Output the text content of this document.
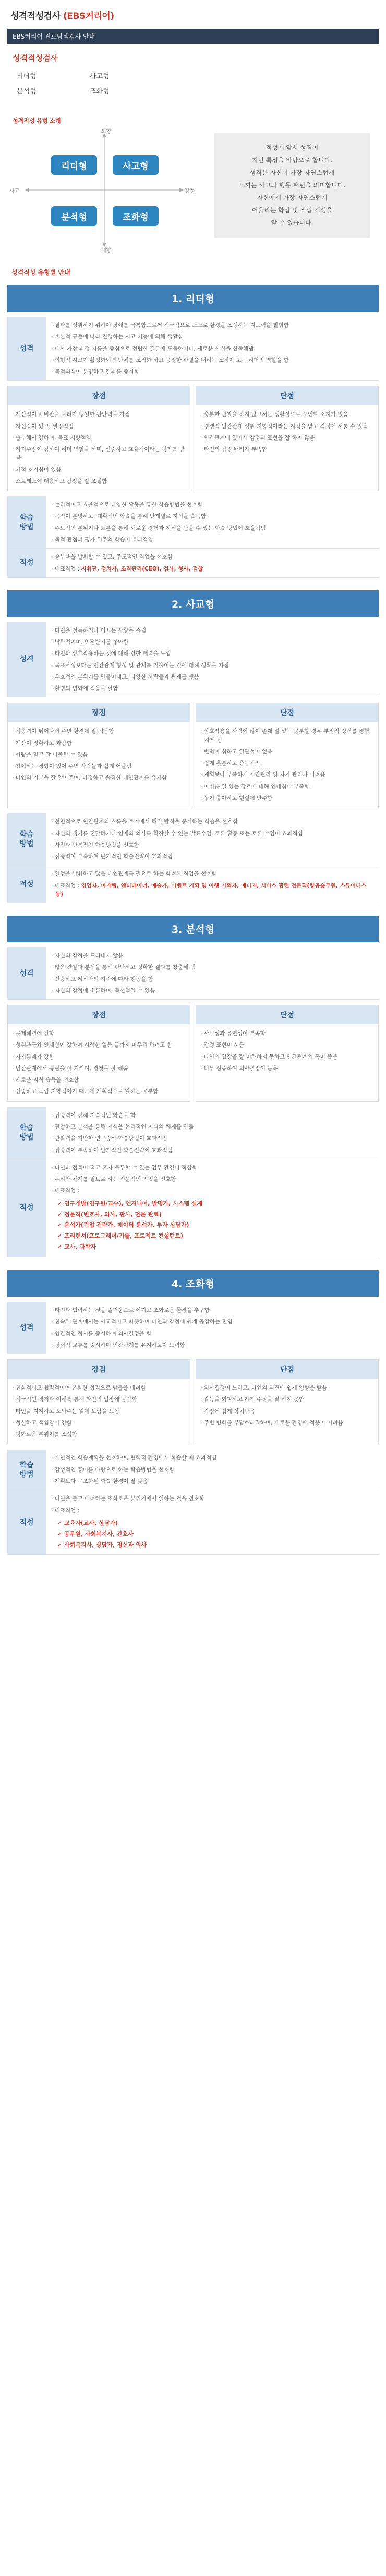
성격적성검사 (EBS커리어)
EBS커리어 진로탐색검사 안내
성격적성검사
리더형	사고형
분석형	조화형
성격적성 유형 소개
외향
내향
사고	감정
리더형	사고형
분석형	조화형
적성에 앞서 성격이
지닌 특성을 바탕으로 합니다.
성격은 자신이 가장 자연스럽게
느끼는 사고와 행동 패턴을 의미합니다.
자신에게 가장 자연스럽게
어울리는 학업 및 직업 적성을
알 수 있습니다.
성격적성 유형별 안내
1. 리더형
성격
· 결과를 성취하기 위하여 장애를 극복함으로써 적극적으로 스스로 환경을 조성하는 지도력을 발휘함
· 계산적 규준에 따라 진행하는 시고 기능에 의해 생활함
· 매사 가장 과정 지름을 중심으로 정립한 결론에 도출하거나, 새로운 사실을 산출해냄
· 의형적 시고가 활성화되면 단체를 조직화 하고 공정한 판결을 내리는 조정자 또는 리더의 역할을 함
· 목적의식이 분명하고 결과를 중시함
장점
· 계산적이고 비판을 물러가 냉철한 판단력을 가짐
· 자신감이 있고, 열정적임
· 솔부해서 강하며, 목표 지향적임
· 자기주장이 강하여 리더 역할을 하며, 신중하고 효율적이라는 평가를 받음
· 지적 호기심이 있음
· 스트레스에 대응하고 감정을 잘 조절함
단점
· 충분한 관찰을 하지 않고서는 생활상으로 오인할 소지가 있음
· 경쟁적 인간관계 성취 지향적이라는 지적을 받고 감정에 서툴 수 있음
· 인간관계에 있어서 감정의 표현을 잘 하지 않음
· 타인의 감정 배려가 부족함
학습
방법
· 논리적이고 효율적으로 다양한 활동을 통한 학습방법을 선호함
· 목적이 분명하고, 계획적인 학습을 통해 단계별로 지식을 습득함
· 주도적인 분위기나 토론을 통해 새로운 경험과 지식을 받을 수 있는 학습 방법이 효율적임
· 목적 관점과 평가 위주의 학습이 효과적임
적성
· 승부욕을 발휘할 수 있고, 주도적인 직업을 선호함
· 대표직업 : 지휘관, 정치가, 조직관리(CEO), 검사, 형사, 검찰
2. 사교형
성격
· 타인을 설득하거나 이끄는 상황을 즐김
· 낙관적이며, 인정받기를 좋아함
· 타인과 상호작용하는 것에 대해 강한 매력을 느낌
· 목표달성보다는 인간관계 형성 및 관계를 기울이는 것에 대해 생활을 가짐
· 우호적인 분위기를 만들어내고, 다양한 사람들과 관계를 맺음
· 환경의 변화에 적응을 잘함
장점
· 적응력이 뛰어나서 주변 환경에 잘 적응함
· 계산이 정확하고 과감함
· 사람을 믿고 잘 어울릴 수 있음
· 참여하는 경향이 있어 주변 사람들과 쉽게 어울림
· 타인의 기분을 잘 알아주며, 다정하고 솔직한 대인관계를 유지함
단점
· 상호작용을 사람이 많이 존재 일 있는 공부할 경우 부정적 정서를 경험하게 됨
· 변덕이 심하고 일관성이 없음
· 쉽게 흥분하고 충동적임
· 계획보다 부족하게 시간관리 및 자기 관리가 어려움
· 아쉬운 일 있는 장르에 대해 인내심이 부족함
· 놓기 좋아하고 현실에 안주함
학습
방법
· 선천적으로 인간관계의 흐름을 주기에서 해결 방식을 중시하는 학습을 선호함
· 자신의 생기를 전달하거나 인재와 의사를 확장할 수 있는 발표수업, 토론 활동 또는 토론 수업이 효과적임
· 사전과 반복적인 학습방법을 선호함
· 집중력이 부족하여 단기적인 학습전략이 효과적임
적성
· 열정을 발휘하고 많은 대인관계를 필요로 하는 화려한 직업을 선호함
· 대표직업 : 영업자, 마케팅, 엔터테이너, 예술가, 이벤트 기획 및 이행 기획자, 매니저, 서비스 관련 전문직(항공승무원, 스튜어디스 등)
3. 분석형
성격
· 자신의 감정을 드러내지 않음
· 많은 관찰과 분석을 통해 판단하고 정확한 결과를 창출해 냄
· 신중하고 자신만의 기준에 따라 행동을 함
· 자신의 감정에 소홀하며, 독선적일 수 있음
장점
· 문제해결에 강함
· 성취욕구와 인내심이 강하여 시작한 일은 끝까지 마무리 하려고 함
· 자기통제가 강함
· 인간관계에서 중립을 잘 지키며, 경청을 잘 해줌
· 새로운 지식 습득을 선호함
· 신중하고 독립 지향적이기 때문에 계획적으로 일하는 공부함
단점
· 사교성과 유연성이 부족함
· 감정 표현이 서툼
· 타인의 입장을 잘 이해하지 못하고 인간관계의 폭이 좁음
· 너무 신중하여 의사결정이 늦음
학습
방법
· 집중력이 강해 지속적인 학습을 함
· 관찰하고 분석을 통해 지식을 논리적인 지식의 체계를 만듦
· 관찰력을 기반한 연구중심 학습방법이 효과적임
· 집중력이 부족하여 단기적인 학습전략이 효과적임
적성
· 타인과 접촉이 적고 혼자 몰두할 수 있는 업무 환경이 적합함
· 논리와 체계를 필요로 하는 전문적인 직업을 선호함
· 대표직업 :
✓ 연구개발(연구원/교수), 엔지니어, 발명가, 시스템 설계
✓ 전문직(변호사, 의사, 판사, 전문 관료)
✓ 분석가(기업 전략가, 데이터 분석가, 투자 상담가)
✓ 프리랜서(프로그래머/기술, 프로젝트 컨설턴트)
✓ 교사, 과학자
4. 조화형
성격
· 타인과 협력하는 것을 즐거움으로 여기고 조화로운 환경을 추구함
· 친숙한 관계에서는 사교적이고 따뜻하며 타인의 감정에 쉽게 공감하는 편임
· 인간적인 정서를 중시하며 의사결정을 함
· 정서적 교류를 중시하며 인간관계를 유지하고자 노력함
장점
· 친화적이고 협력적이며 온화한 성격으로 남들을 배려함
· 적극적인 경청과 이해를 통해 타인의 입장에 공감함
· 타인을 지지하고 도와주는 일에 보람을 느낌
· 성실하고 책임감이 강함
· 평화로운 분위기를 조성함
단점
· 의사결정이 느리고, 타인의 의견에 쉽게 영향을 받음
· 갈등을 회피하고 자기 주장을 잘 하지 못함
· 감정에 쉽게 상처받음
· 주변 변화를 부담스러워하며, 새로운 환경에 적응이 어려움
학습
방법
· 개인적인 학습계획을 선호하며, 협력적 환경에서 학습할 때 효과적임
· 감성적인 흥미를 바탕으로 하는 학습방법을 선호함
· 계획보다 구조화된 학습 환경이 잘 맞음
적성
· 타인을 돕고 배려하는 조화로운 분위기에서 일하는 것을 선호함
· 대표직업 :
✓ 교육자(교사, 상담가)
✓ 공무원, 사회복지사, 간호사
✓ 사회복지사, 상담가, 정신과 의사
